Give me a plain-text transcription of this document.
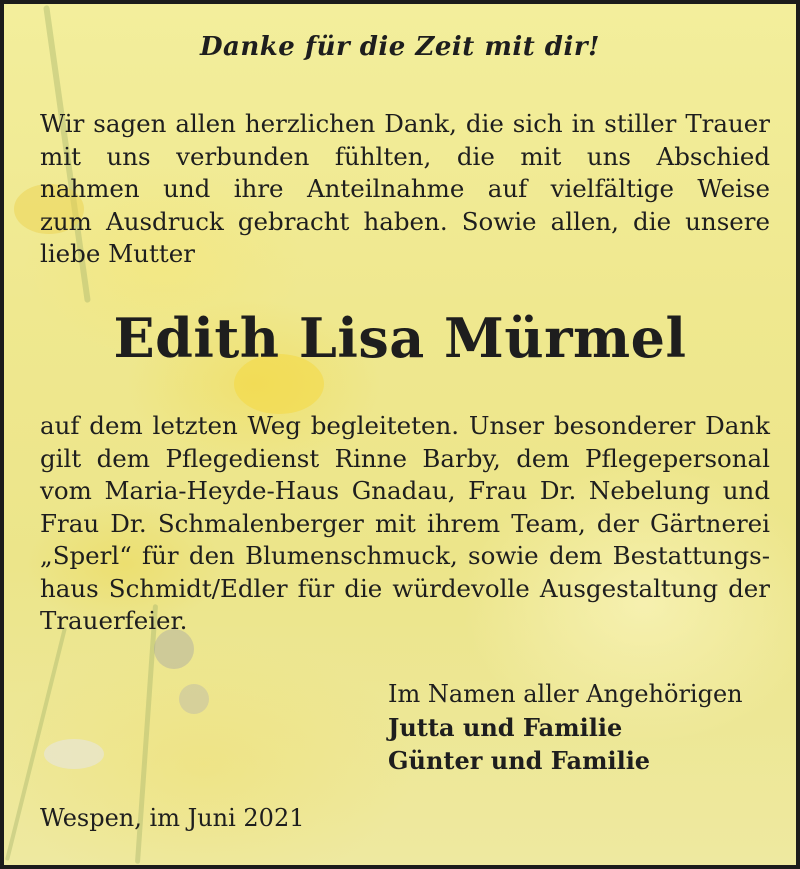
Danke für die Zeit mit dir!
Wir sagen allen herzlichen Dank, die sich in stiller Trauer
mit uns verbunden fühlten, die mit uns Abschied
nahmen und ihre Anteilnahme auf vielfältige Weise
zum Ausdruck gebracht haben. Sowie allen, die unsere
liebe Mutter
Edith Lisa Mürmel
auf dem letzten Weg begleiteten. Unser besonderer Dank
gilt dem Pflegedienst Rinne Barby, dem Pflegepersonal
vom Maria-Heyde-Haus Gnadau, Frau Dr. Nebelung und
Frau Dr. Schmalenberger mit ihrem Team, der Gärtnerei
„Sperl“ für den Blumenschmuck, sowie dem Bestattungs-
haus Schmidt/Edler für die würdevolle Ausgestaltung der
Trauerfeier.
Im Namen aller Angehörigen
Jutta und Familie
Günter und Familie
Wespen, im Juni 2021
